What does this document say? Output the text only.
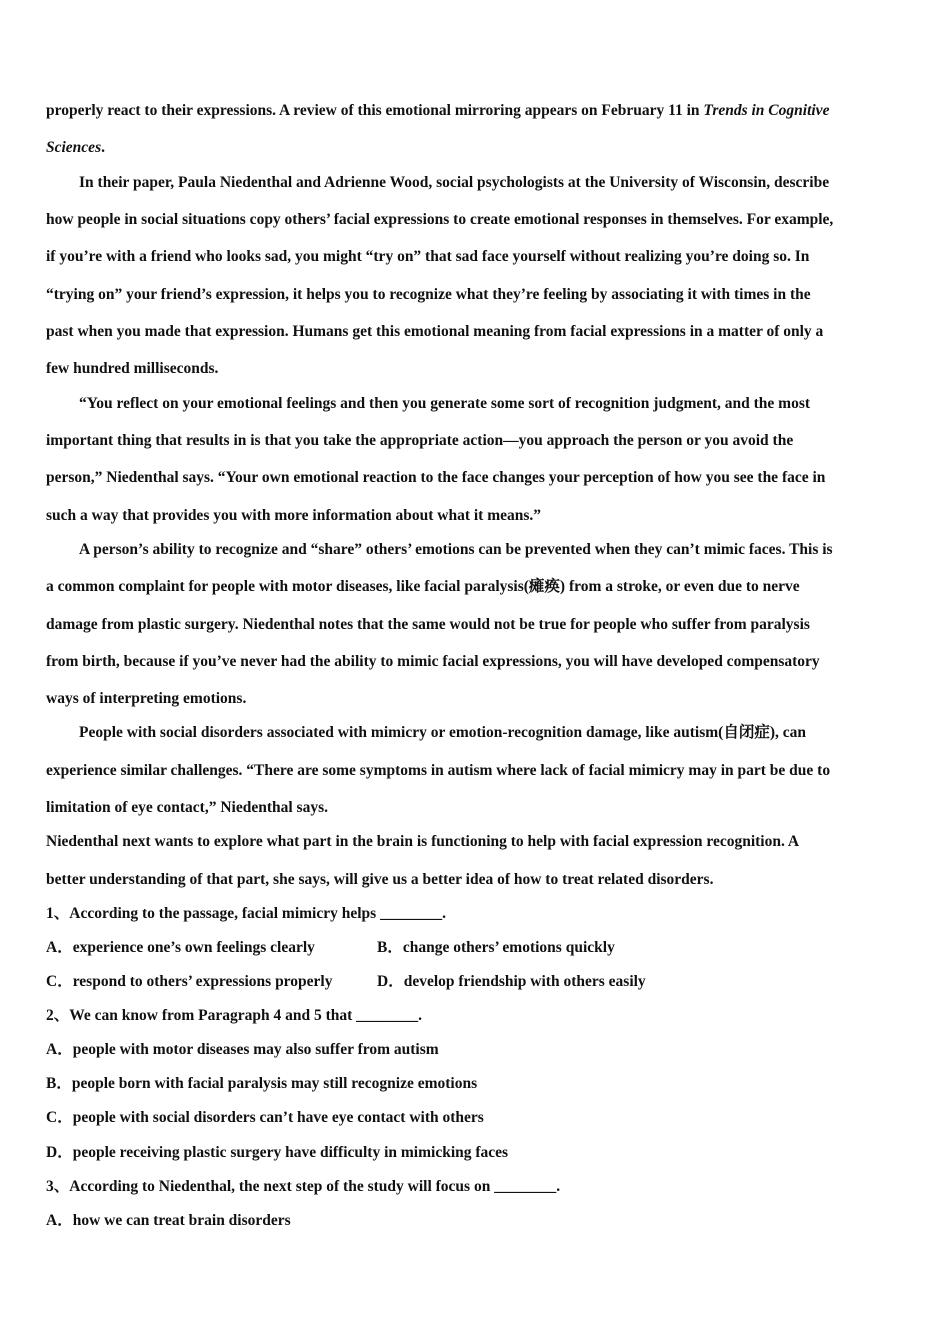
properly react to their expressions. A review of this emotional mirroring appears on February 11 in Trends in Cognitive
Sciences.
In their paper, Paula Niedenthal and Adrienne Wood, social psychologists at the University of Wisconsin, describe
how people in social situations copy others’ facial expressions to create emotional responses in themselves. For example,
if you’re with a friend who looks sad, you might “try on” that sad face yourself without realizing you’re doing so. In
“trying on” your friend’s expression, it helps you to recognize what they’re feeling by associating it with times in the
past when you made that expression. Humans get this emotional meaning from facial expressions in a matter of only a
few hundred milliseconds.
“You reflect on your emotional feelings and then you generate some sort of recognition judgment, and the most
important thing that results in is that you take the appropriate action—you approach the person or you avoid the
person,” Niedenthal says. “Your own emotional reaction to the face changes your perception of how you see the face in
such a way that provides you with more information about what it means.”
A person’s ability to recognize and “share” others’ emotions can be prevented when they can’t mimic faces. This is
a common complaint for people with motor diseases, like facial paralysis(瘫痪) from a stroke, or even due to nerve
damage from plastic surgery. Niedenthal notes that the same would not be true for people who suffer from paralysis
from birth, because if you’ve never had the ability to mimic facial expressions, you will have developed compensatory
ways of interpreting emotions.
People with social disorders associated with mimicry or emotion-recognition damage, like autism(自闭症), can
experience similar challenges. “There are some symptoms in autism where lack of facial mimicry may in part be due to
limitation of eye contact,” Niedenthal says.
Niedenthal next wants to explore what part in the brain is functioning to help with facial expression recognition. A
better understanding of that part, she says, will give us a better idea of how to treat related disorders.
1、According to the passage, facial mimicry helps ________.
A．experience one’s own feelings clearly	B．change others’ emotions quickly
C．respond to others’ expressions properly	D．develop friendship with others easily
2、We can know from Paragraph 4 and 5 that ________.
A．people with motor diseases may also suffer from autism
B．people born with facial paralysis may still recognize emotions
C．people with social disorders can’t have eye contact with others
D．people receiving plastic surgery have difficulty in mimicking faces
3、According to Niedenthal, the next step of the study will focus on ________.
A．how we can treat brain disorders
